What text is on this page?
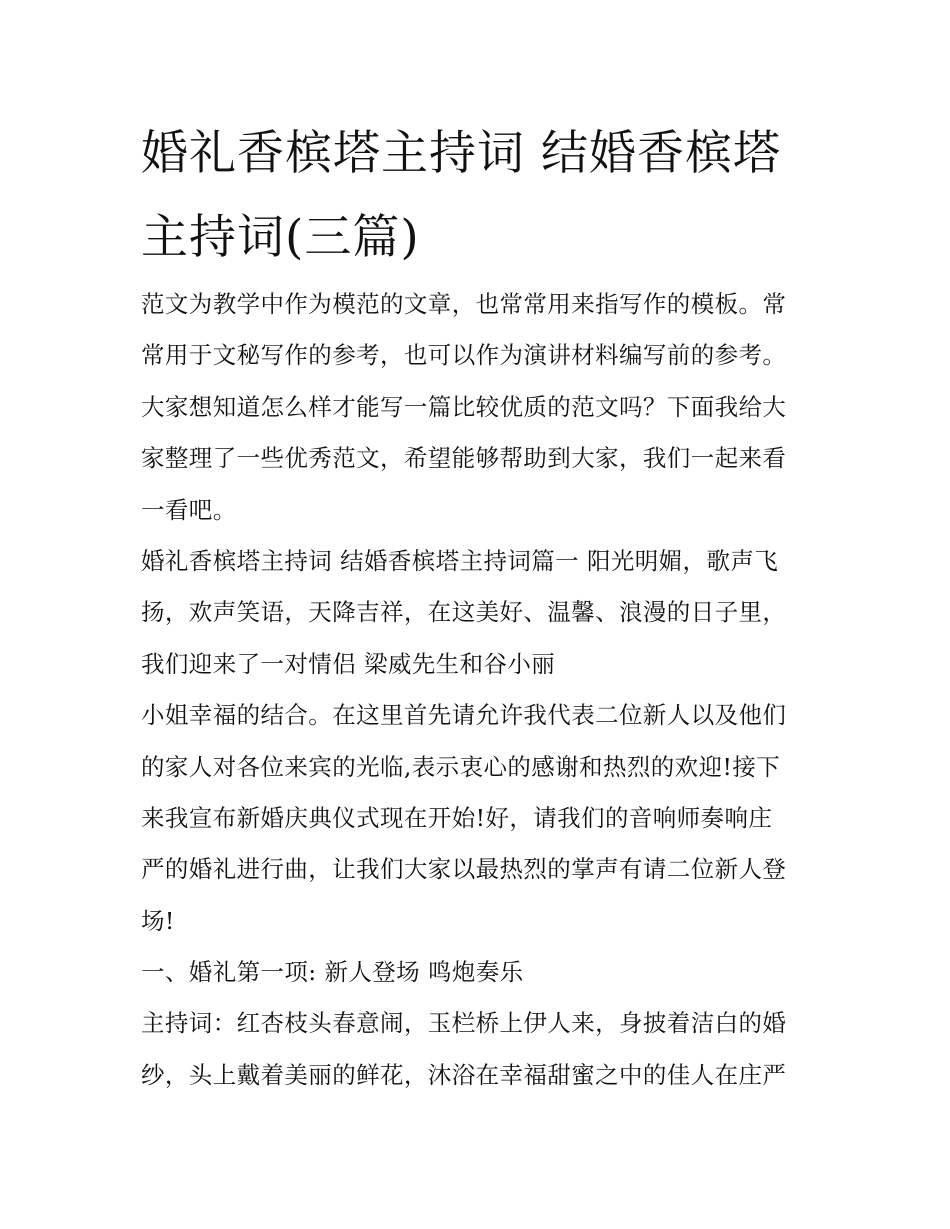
婚礼香槟塔主持词 结婚香槟塔
主持词(三篇)
范文为教学中作为模范的文章，也常常用来指写作的模板。常
常用于文秘写作的参考，也可以作为演讲材料编写前的参考。
大家想知道怎么样才能写一篇比较优质的范文吗？下面我给大
家整理了一些优秀范文，希望能够帮助到大家，我们一起来看
一看吧。
婚礼香槟塔主持词 结婚香槟塔主持词篇一 阳光明媚，歌声飞
扬，欢声笑语，天降吉祥，在这美好、温馨、浪漫的日子里，
我们迎来了一对情侣 梁威先生和谷小丽
小姐幸福的结合。在这里首先请允许我代表二位新人以及他们
的家人对各位来宾的光临,表示衷心的感谢和热烈的欢迎!接下
来我宣布新婚庆典仪式现在开始!好，请我们的音响师奏响庄
严的婚礼进行曲，让我们大家以最热烈的掌声有请二位新人登
场!
一、婚礼第一项: 新人登场 鸣炮奏乐
主持词：红杏枝头春意闹，玉栏桥上伊人来，身披着洁白的婚
纱，头上戴着美丽的鲜花，沐浴在幸福甜蜜之中的佳人在庄严
